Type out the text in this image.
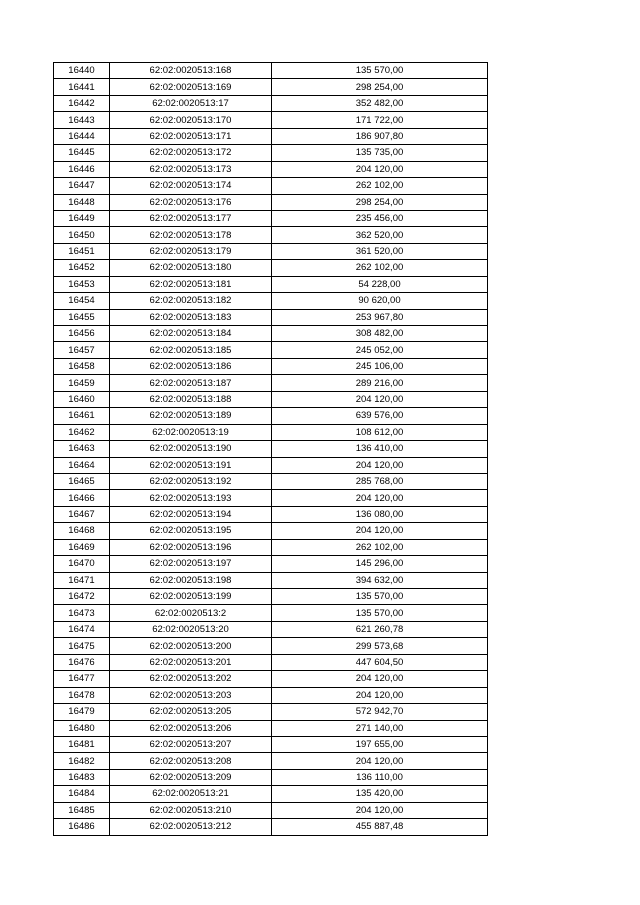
16440	62:02:0020513:168	135 570,00
16441	62:02:0020513:169	298 254,00
16442	62:02:0020513:17	352 482,00
16443	62:02:0020513:170	171 722,00
16444	62:02:0020513:171	186 907,80
16445	62:02:0020513:172	135 735,00
16446	62:02:0020513:173	204 120,00
16447	62:02:0020513:174	262 102,00
16448	62:02:0020513:176	298 254,00
16449	62:02:0020513:177	235 456,00
16450	62:02:0020513:178	362 520,00
16451	62:02:0020513:179	361 520,00
16452	62:02:0020513:180	262 102,00
16453	62:02:0020513:181	54 228,00
16454	62:02:0020513:182	90 620,00
16455	62:02:0020513:183	253 967,80
16456	62:02:0020513:184	308 482,00
16457	62:02:0020513:185	245 052,00
16458	62:02:0020513:186	245 106,00
16459	62:02:0020513:187	289 216,00
16460	62:02:0020513:188	204 120,00
16461	62:02:0020513:189	639 576,00
16462	62:02:0020513:19	108 612,00
16463	62:02:0020513:190	136 410,00
16464	62:02:0020513:191	204 120,00
16465	62:02:0020513:192	285 768,00
16466	62:02:0020513:193	204 120,00
16467	62:02:0020513:194	136 080,00
16468	62:02:0020513:195	204 120,00
16469	62:02:0020513:196	262 102,00
16470	62:02:0020513:197	145 296,00
16471	62:02:0020513:198	394 632,00
16472	62:02:0020513:199	135 570,00
16473	62:02:0020513:2	135 570,00
16474	62:02:0020513:20	621 260,78
16475	62:02:0020513:200	299 573,68
16476	62:02:0020513:201	447 604,50
16477	62:02:0020513:202	204 120,00
16478	62:02:0020513:203	204 120,00
16479	62:02:0020513:205	572 942,70
16480	62:02:0020513:206	271 140,00
16481	62:02:0020513:207	197 655,00
16482	62:02:0020513:208	204 120,00
16483	62:02:0020513:209	136 110,00
16484	62:02:0020513:21	135 420,00
16485	62:02:0020513:210	204 120,00
16486	62:02:0020513:212	455 887,48
